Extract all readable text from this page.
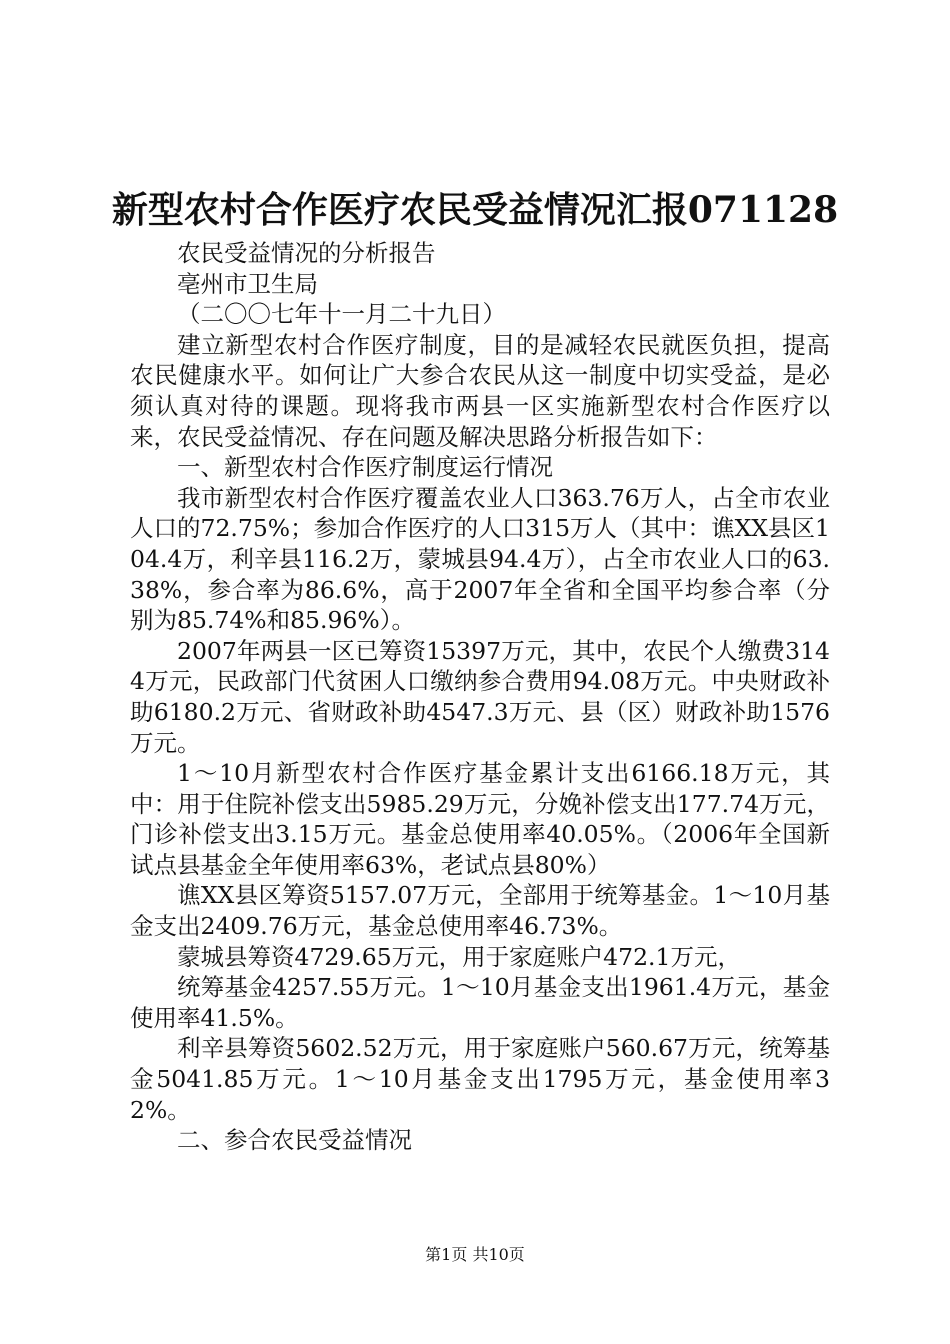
新型农村合作医疗农民受益情况汇报071128

农民受益情况的分析报告

亳州市卫生局

（二〇〇七年十一月二十九日）

建立新型农村合作医疗制度，目的是减轻农民就医负担，提高农民健康水平。如何让广大参合农民从这一制度中切实受益，是必须认真对待的课题。现将我市两县一区实施新型农村合作医疗以来，农民受益情况、存在问题及解决思路分析报告如下：

一、新型农村合作医疗制度运行情况

我市新型农村合作医疗覆盖农业人口363.76万人，占全市农业人口的72.75%；参加合作医疗的人口315万人（其中：谯XX县区104.4万，利辛县116.2万，蒙城县94.4万），占全市农业人口的63.38%，参合率为86.6%，高于2007年全省和全国平均参合率（分别为85.74%和85.96%）。

2007年两县一区已筹资15397万元，其中，农民个人缴费3144万元，民政部门代贫困人口缴纳参合费用94.08万元。中央财政补助6180.2万元、省财政补助4547.3万元、县（区）财政补助1576万元。

1～10月新型农村合作医疗基金累计支出6166.18万元，其中：用于住院补偿支出5985.29万元，分娩补偿支出177.74万元，门诊补偿支出3.15万元。基金总使用率40.05%。（2006年全国新试点县基金全年使用率63%，老试点县80%）

谯XX县区筹资5157.07万元，全部用于统筹基金。1～10月基金支出2409.76万元，基金总使用率46.73%。

蒙城县筹资4729.65万元，用于家庭账户472.1万元，

统筹基金4257.55万元。1～10月基金支出1961.4万元，基金使用率41.5%。

利辛县筹资5602.52万元，用于家庭账户560.67万元，统筹基金5041.85万元。1～10月基金支出1795万元，基金使用率32%。

二、参合农民受益情况

第1页 共10页
